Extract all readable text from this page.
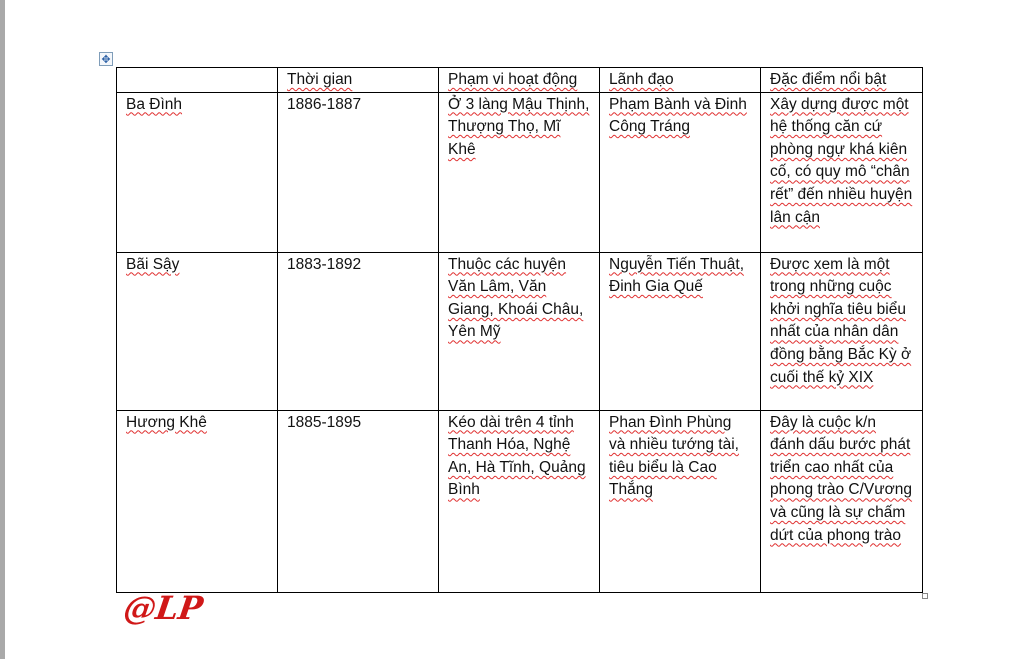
✥
	Thời gian	Phạm vi hoạt động	Lãnh đạo	Đặc điểm nổi bật
Ba Đình	1886-1887	Ở 3 làng Mậu Thịnh, Thượng Thọ, Mĩ Khê	Phạm Bành và Đinh Công Tráng	Xây dựng được một hệ thống căn cứ phòng ngự khá kiên cố, có quy mô “chân rết” đến nhiều huyện lân cận
Bãi Sậy	1883-1892	Thuộc các huyện Văn Lâm, Văn Giang, Khoái Châu, Yên Mỹ	Nguyễn Tiến Thuật, Đinh Gia Quế	Được xem là một trong những cuộc khởi nghĩa tiêu biểu nhất của nhân dân đồng bằng Bắc Kỳ ở cuối thế kỷ XIX
Hương Khê	1885-1895	Kéo dài trên 4 tỉnh Thanh Hóa, Nghệ An, Hà Tĩnh, Quảng Bình	Phan Đình Phùng và nhiều tướng tài, tiêu biểu là Cao Thắng	Đây là cuộc k/n đánh dấu bước phát triển cao nhất của phong trào C/Vương và cũng là sự chấm dứt của phong trào
@LP
